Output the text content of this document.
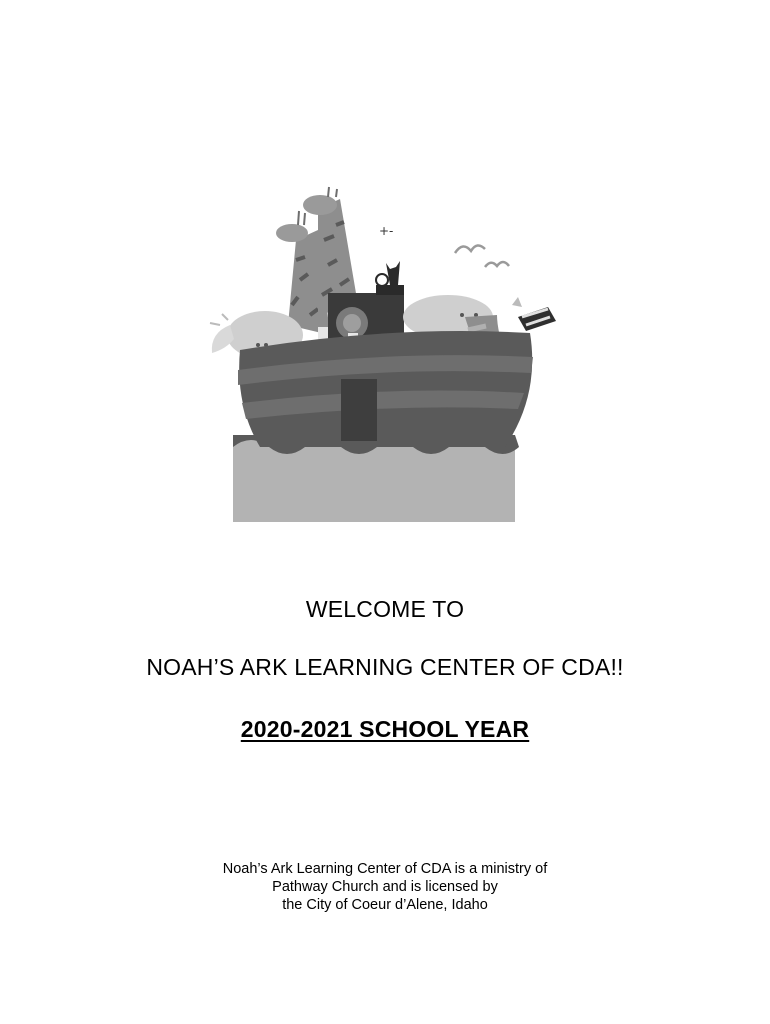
+-
WELCOME TO
NOAH’S ARK LEARNING CENTER OF CDA!!
2020-2021 SCHOOL YEAR
Noah’s Ark Learning Center of CDA is a ministry of
Pathway Church and is licensed by
the City of Coeur d’Alene, Idaho
